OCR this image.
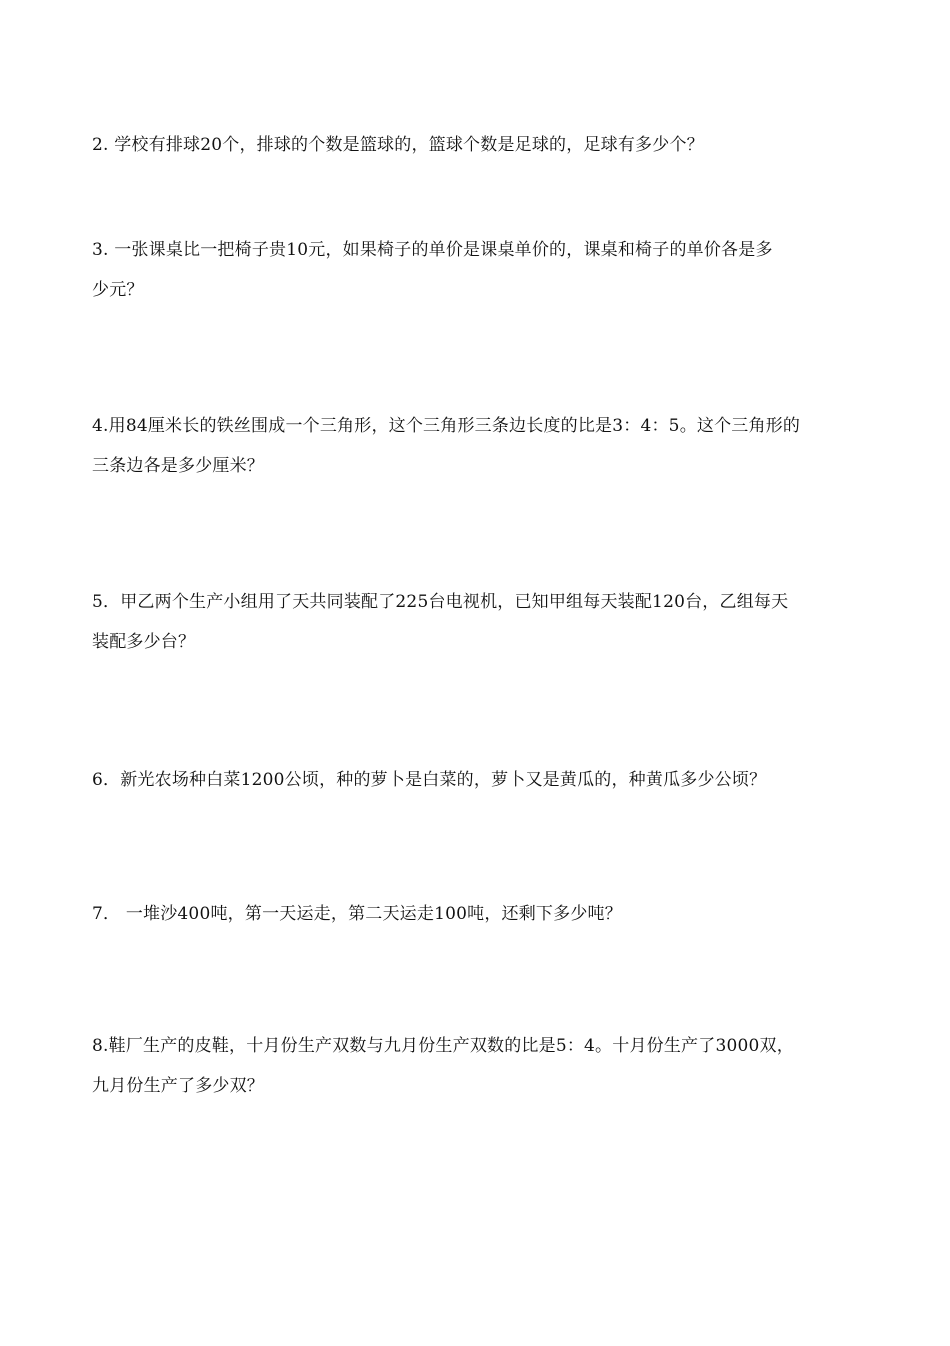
2. 学校有排球20个，排球的个数是篮球的，篮球个数是足球的，足球有多少个？
3. 一张课桌比一把椅子贵10元，如果椅子的单价是课桌单价的，课桌和椅子的单价各是多
少元？
4.用84厘米长的铁丝围成一个三角形，这个三角形三条边长度的比是3：4：5。这个三角形的
三条边各是多少厘米？
5．甲乙两个生产小组用了天共同装配了225台电视机，已知甲组每天装配120台，乙组每天
装配多少台？
6．新光农场种白菜1200公顷，种的萝卜是白菜的，萝卜又是黄瓜的，种黄瓜多少公顷？
7． 一堆沙400吨，第一天运走，第二天运走100吨，还剩下多少吨？
8.鞋厂生产的皮鞋，十月份生产双数与九月份生产双数的比是5：4。十月份生产了3000双，
九月份生产了多少双？
